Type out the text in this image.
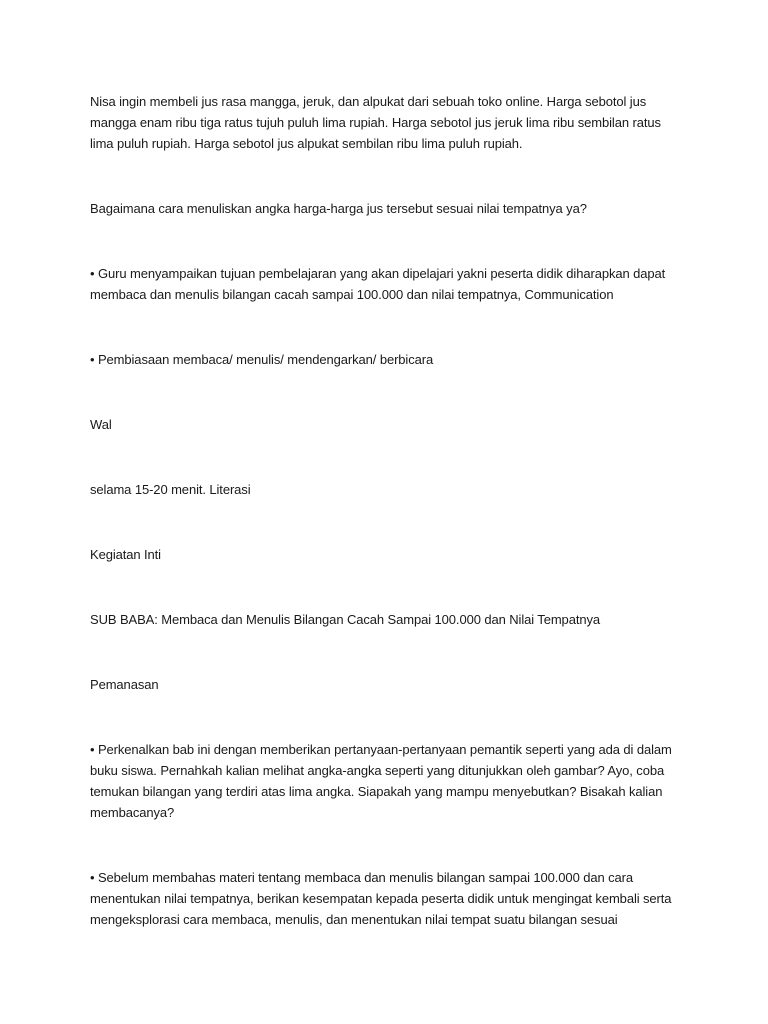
Nisa ingin membeli jus rasa mangga, jeruk, dan alpukat dari sebuah toko online. Harga sebotol jus mangga enam ribu tiga ratus tujuh puluh lima rupiah. Harga sebotol jus jeruk lima ribu sembilan ratus lima puluh rupiah. Harga sebotol jus alpukat sembilan ribu lima puluh rupiah.

Bagaimana cara menuliskan angka harga-harga jus tersebut sesuai nilai tempatnya ya?

• Guru menyampaikan tujuan pembelajaran yang akan dipelajari yakni peserta didik diharapkan dapat membaca dan menulis bilangan cacah sampai 100.000 dan nilai tempatnya, Communication

• Pembiasaan membaca/ menulis/ mendengarkan/ berbicara

Wal

selama 15-20 menit. Literasi

Kegiatan Inti

SUB BABA: Membaca dan Menulis Bilangan Cacah Sampai 100.000 dan Nilai Tempatnya

Pemanasan

• Perkenalkan bab ini dengan memberikan pertanyaan-pertanyaan pemantik seperti yang ada di dalam buku siswa. Pernahkah kalian melihat angka-angka seperti yang ditunjukkan oleh gambar? Ayo, coba temukan bilangan yang terdiri atas lima angka. Siapakah yang mampu menyebutkan? Bisakah kalian membacanya?

• Sebelum membahas materi tentang membaca dan menulis bilangan sampai 100.000 dan cara menentukan nilai tempatnya, berikan kesempatan kepada peserta didik untuk mengingat kembali serta mengeksplorasi cara membaca, menulis, dan menentukan nilai tempat suatu bilangan sesuai
